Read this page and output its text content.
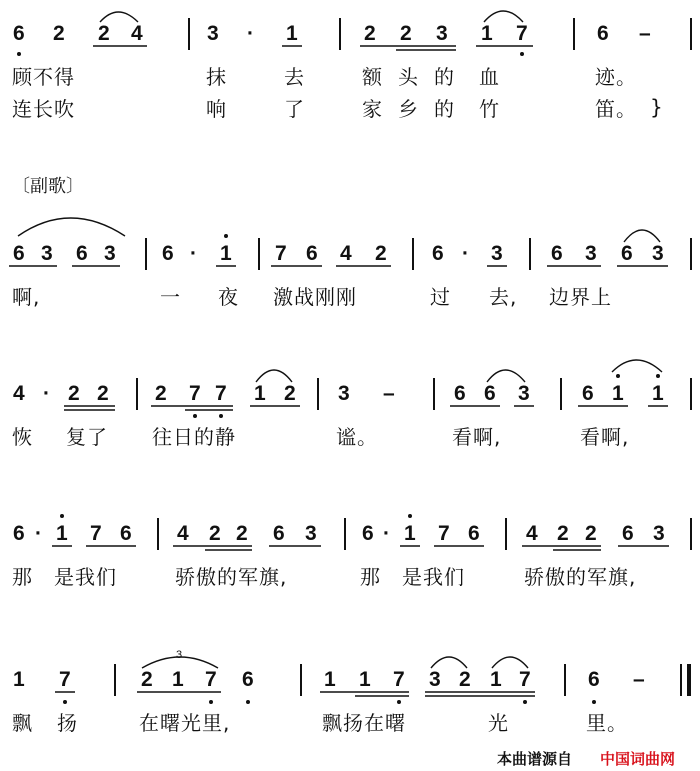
6 2 2 4	3 · 1	2 2 3 1 7	6 –
顾不得	抹	去	额 头 的 血	迹。
连长吹	响	了	家 乡 的 竹	笛。 }
〔副歌〕
6 3 6 3 6 · 1 7 6 4 2 6 · 3 6 3 6 3
啊,	一 夜 激战刚刚	过 去, 边界上
4 · 2 2 2 7 7 1 2 3 –	6 6 3 6 1 1
恢 复了 往日的静	谧。	看啊,	看啊,
6 · 1 7 6 4 2 2 6 3 6 · 1 7 6 4 2 2 6 3
那 是我们	骄傲的军旗,	那 是我们	骄傲的军旗,
1 7
3
2 1 7 6	1 1 7 3 2 1 7	6 –
飘 扬	在曙光里,	飘扬在曙	光	里。
本曲谱源自 中国词曲网
